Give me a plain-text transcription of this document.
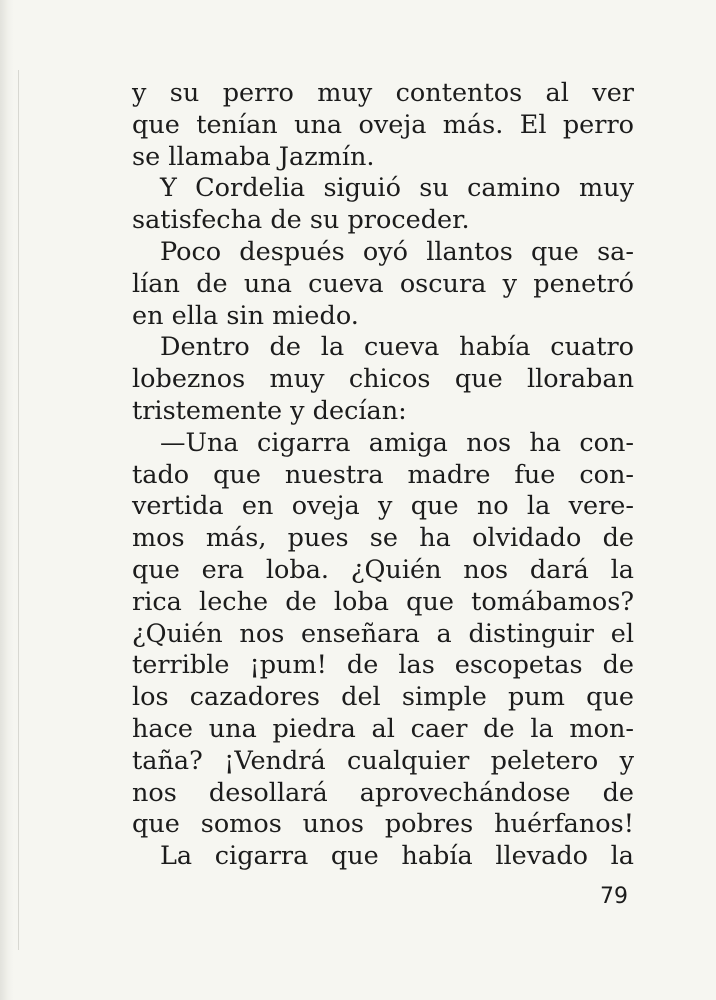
y su perro muy contentos al ver
que tenían una oveja más. El perro
se llamaba Jazmín.
Y Cordelia siguió su camino muy
satisfecha de su proceder.
Poco después oyó llantos que sa-
lían de una cueva oscura y penetró
en ella sin miedo.
Dentro de la cueva había cuatro
lobeznos muy chicos que lloraban
tristemente y decían:
—Una cigarra amiga nos ha con-
tado que nuestra madre fue con-
vertida en oveja y que no la vere-
mos más, pues se ha olvidado de
que era loba. ¿Quién nos dará la
rica leche de loba que tomábamos?
¿Quién nos enseñara a distinguir el
terrible ¡pum! de las escopetas de
los cazadores del simple pum que
hace una piedra al caer de la mon-
taña? ¡Vendrá cualquier peletero y
nos desollará aprovechándose de
que somos unos pobres huérfanos!
La cigarra que había llevado la
79
